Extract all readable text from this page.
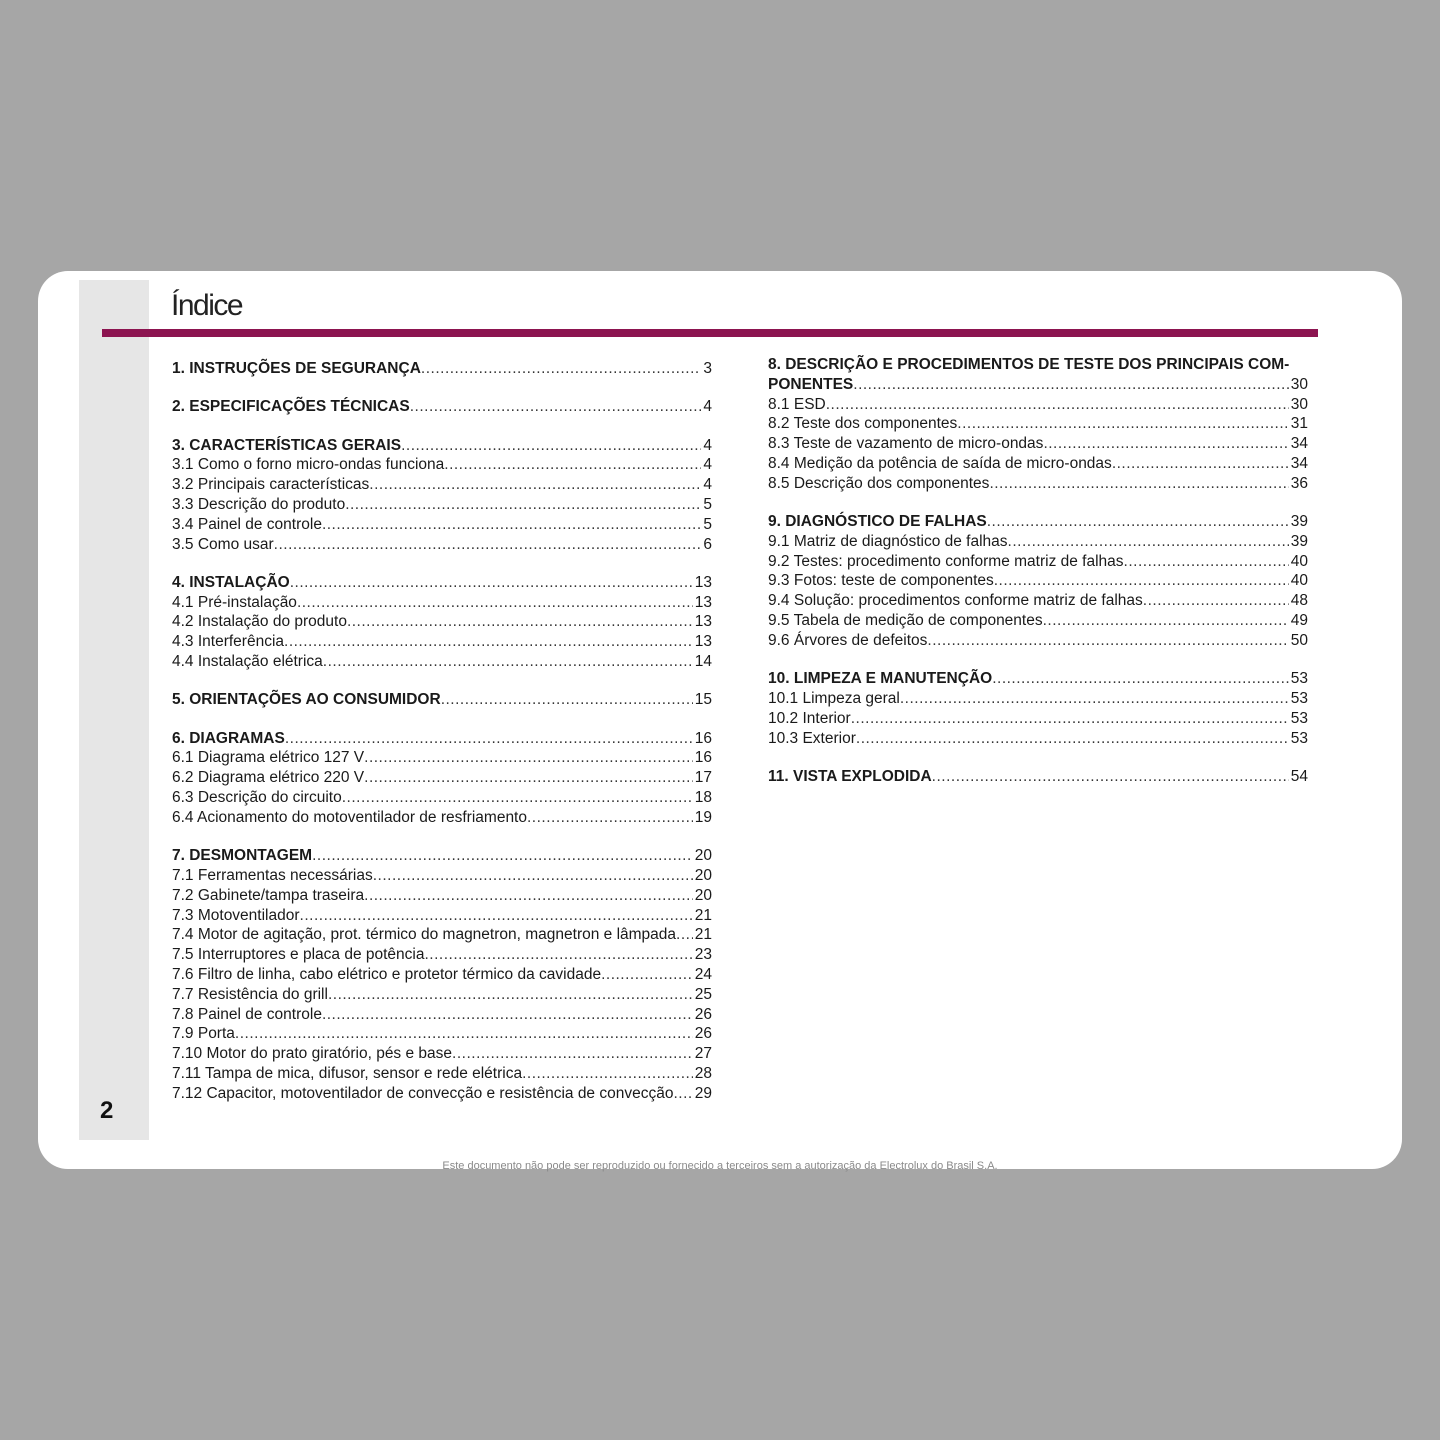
2
Índice
1. INSTRUÇÕES DE SEGURANÇA .....	3
2. ESPECIFICAÇÕES TÉCNICAS .....	4
3. CARACTERÍSTICAS GERAIS .....	4
3.1 Como o forno micro-ondas funciona .....	4
3.2 Principais características .....	4
3.3 Descrição do produto .....	5
3.4 Painel de controle .....	5
3.5 Como usar .....	6
4. INSTALAÇÃO .....	13
4.1 Pré-instalação .....	13
4.2 Instalação do produto .....	13
4.3 Interferência .....	13
4.4 Instalação elétrica .....	14
5. ORIENTAÇÕES AO CONSUMIDOR .....	15
6. DIAGRAMAS .....	16
6.1 Diagrama elétrico 127 V .....	16
6.2 Diagrama elétrico 220 V .....	17
6.3 Descrição do circuito .....	18
6.4 Acionamento do motoventilador de resfriamento .....	19
7. DESMONTAGEM .....	20
7.1 Ferramentas necessárias .....	20
7.2 Gabinete/tampa traseira .....	20
7.3 Motoventilador .....	21
7.4 Motor de agitação, prot. térmico do magnetron, magnetron e lâmpada ..... 21
7.5 Interruptores e placa de potência .....	23
7.6 Filtro de linha, cabo elétrico e protetor térmico da cavidade .....	24
7.7 Resistência do grill .....	25
7.8 Painel de controle .....	26
7.9 Porta .....	26
7.10 Motor do prato giratório, pés e base .....	27
7.11 Tampa de mica, difusor, sensor e rede elétrica .....	28
7.12 Capacitor, motoventilador de convecção e resistência de convecção ..... 29
8. DESCRIÇÃO E PROCEDIMENTOS DE TESTE DOS PRINCIPAIS COM-
PONENTES .....	30
8.1 ESD .....	30
8.2 Teste dos componentes .....	31
8.3 Teste de vazamento de micro-ondas .....	34
8.4 Medição da potência de saída de micro-ondas .....	34
8.5 Descrição dos componentes .....	36
9. DIAGNÓSTICO DE FALHAS .....	39
9.1 Matriz de diagnóstico de falhas .....	39
9.2 Testes: procedimento conforme matriz de falhas .....	40
9.3 Fotos: teste de componentes .....	40
9.4 Solução: procedimentos conforme matriz de falhas .....	48
9.5 Tabela de medição de componentes .....	49
9.6 Árvores de defeitos .....	50
10. LIMPEZA E MANUTENÇÃO .....	53
10.1 Limpeza geral .....	53
10.2 Interior .....	53
10.3 Exterior .....	53
11. VISTA EXPLODIDA .....	54
Este documento não pode ser reproduzido ou fornecido a terceiros sem a autorização da Electrolux do Brasil S.A.
